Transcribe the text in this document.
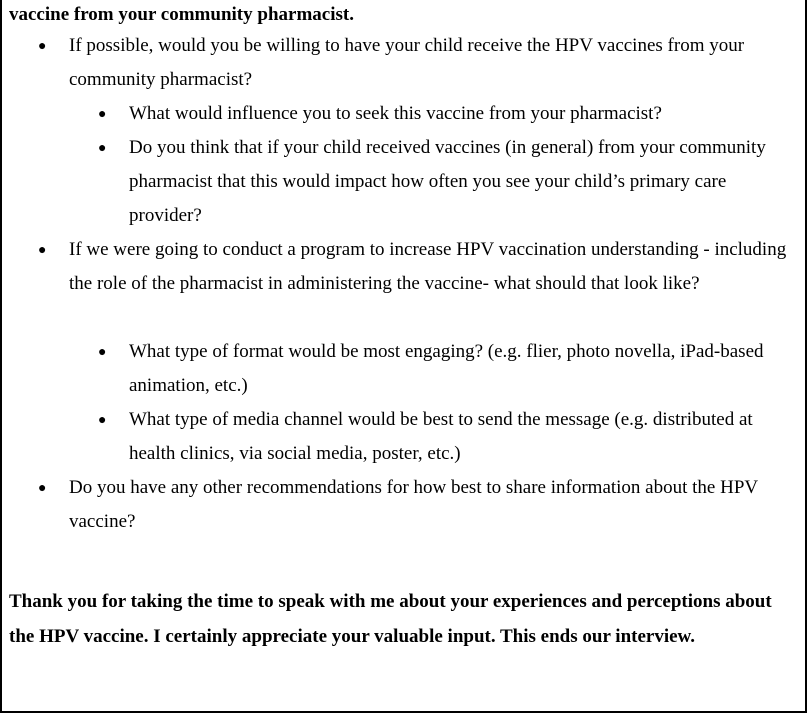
vaccine from your community pharmacist.
● If possible, would you be willing to have your child receive the HPV vaccines from your community pharmacist?
● What would influence you to seek this vaccine from your pharmacist?
● Do you think that if your child received vaccines (in general) from your community pharmacist that this would impact how often you see your child’s primary care provider?
● If we were going to conduct a program to increase HPV vaccination understanding - including the role of the pharmacist in administering the vaccine- what should that look like?
● What type of format would be most engaging? (e.g. flier, photo novella, iPad-based animation, etc.)
● What type of media channel would be best to send the message (e.g. distributed at health clinics, via social media, poster, etc.)
● Do you have any other recommendations for how best to share information about the HPV vaccine?
Thank you for taking the time to speak with me about your experiences and perceptions about the HPV vaccine. I certainly appreciate your valuable input. This ends our interview.
